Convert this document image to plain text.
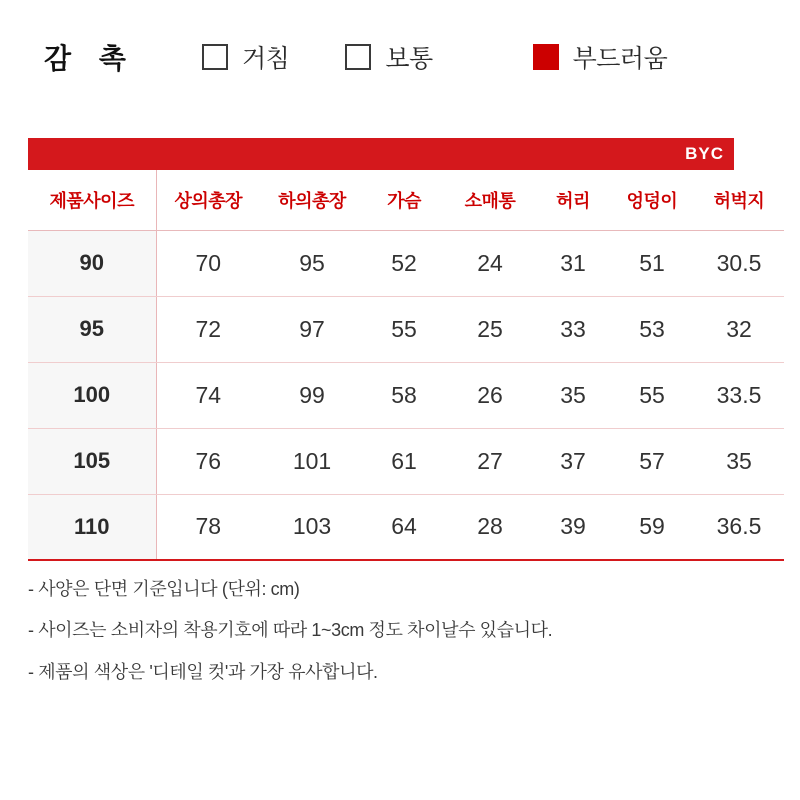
감 촉	거침	보통	부드러움
BYC
제품사이즈	상의총장	하의총장	가슴	소매통	허리	엉덩이	허벅지
90	70	95	52	24	31	51	30.5
95	72	97	55	25	33	53	32
100	74	99	58	26	35	55	33.5
105	76	101	61	27	37	57	35
110	78	103	64	28	39	59	36.5
- 사양은 단면 기준입니다 (단위: cm)
- 사이즈는 소비자의 착용기호에 따라 1~3cm 정도 차이날수 있습니다.
- 제품의 색상은 '디테일 컷'과 가장 유사합니다.
